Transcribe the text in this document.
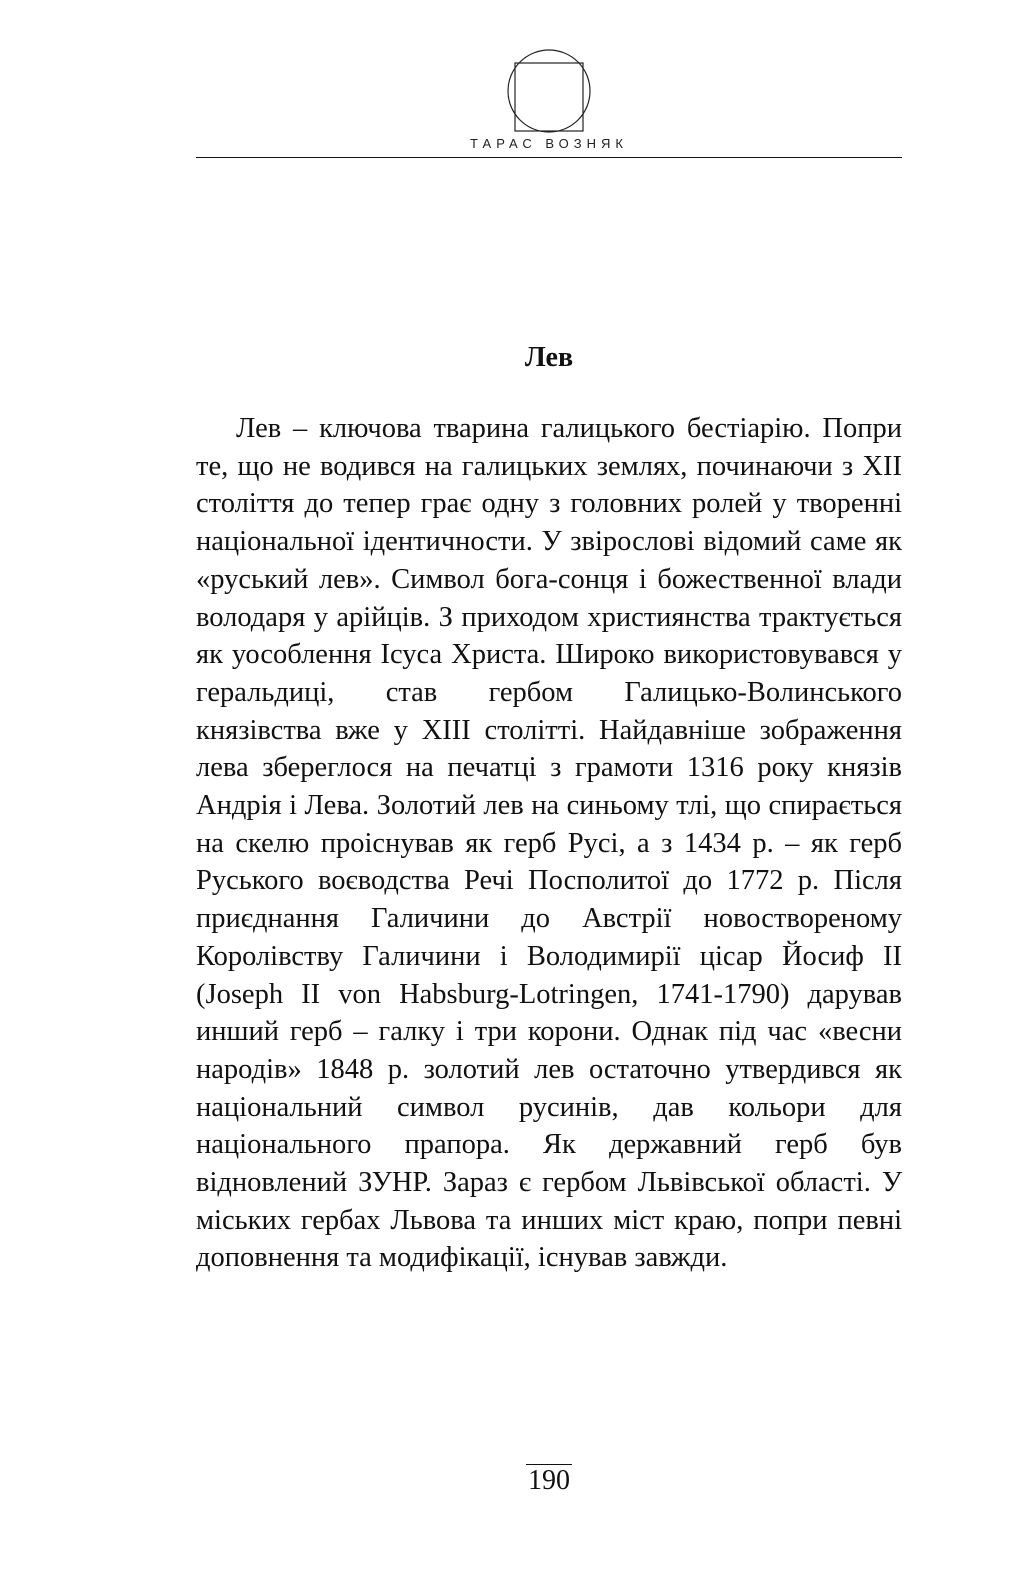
ТАРАС ВОЗНЯК
Лев

Лев – ключова тварина галицького бестіарію. Попри те, що не водився на галицьких землях, починаючи з XII століття до тепер грає одну з головних ролей у творенні національної ідентичности. У звірословi відомий саме як «руський лев». Символ бога-сонця і божественної влади володаря у арійців. З приходом християнства трактується як уособлення Ісуса Христа. Широко використовувався у геральдиці, став гербом Галицько-Волинського князівства вже у XIII столітті. Найдавніше зображення лева збереглося на печатці з грамоти 1316 року князів Андрія і Лева. Золотий лев на синьому тлі, що спирається на скелю проіснував як герб Русі, а з 1434 р. – як герб Руського воєводства Речі Посполитої до 1772 р. Після приєднання Галичини до Австрії новоствореному Королівству Галичини і Володимирії цісар Йосиф II (Joseph II von Habsburg-Lotringen, 1741-1790) дарував инший герб – галку і три корони. Однак під час «весни народів» 1848 р. золотий лев остаточно утвердився як національний символ русинів, дав кольори для національного прапора. Як державний герб був відновлений ЗУНР. Зараз є гербом Львівської області. У міських гербах Львова та инших міст краю, попри певні доповнення та модифікації, існував завжди.

190
